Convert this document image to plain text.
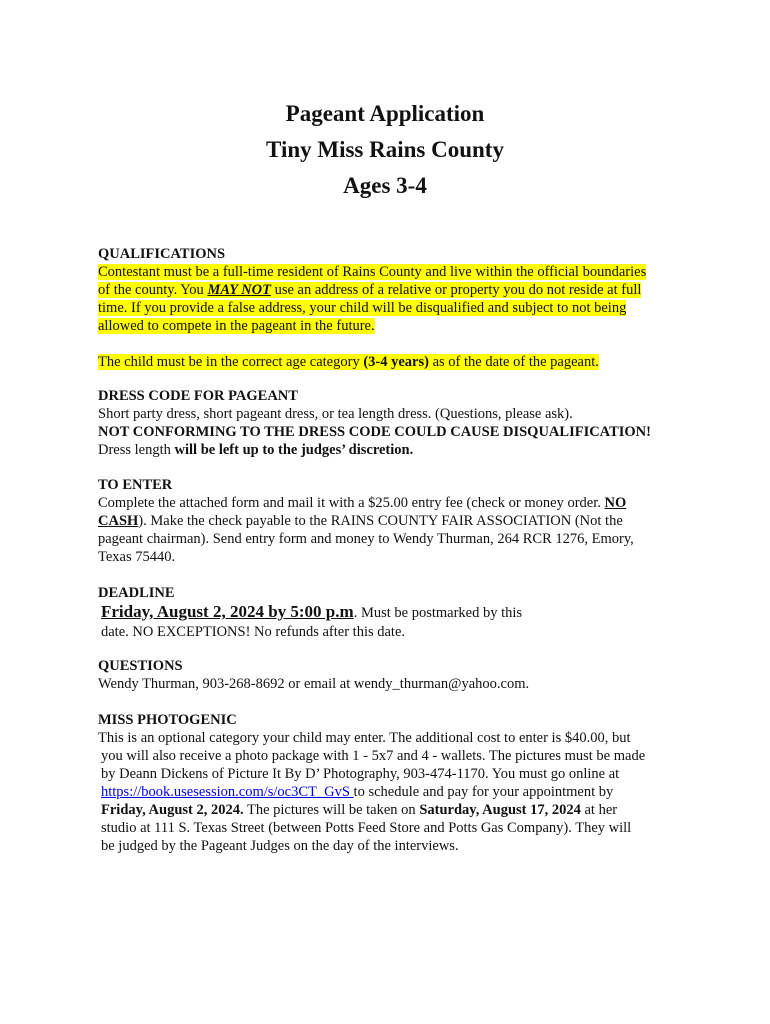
Pageant Application
Tiny Miss Rains County
Ages 3-4
QUALIFICATIONS
Contestant must be a full-time resident of Rains County and live within the official boundaries
of the county. You MAY NOT use an address of a relative or property you do not reside at full
time. If you provide a false address, your child will be disqualified and subject to not being
allowed to compete in the pageant in the future.

The child must be in the correct age category (3-4 years) as of the date of the pageant.
DRESS CODE FOR PAGEANT
Short party dress, short pageant dress, or tea length dress. (Questions, please ask).
NOT CONFORMING TO THE DRESS CODE COULD CAUSE DISQUALIFICATION!
Dress length will be left up to the judges’ discretion.
TO ENTER
Complete the attached form and mail it with a $25.00 entry fee (check or money order. NO
CASH). Make the check payable to the RAINS COUNTY FAIR ASSOCIATION (Not the
pageant chairman). Send entry form and money to Wendy Thurman, 264 RCR 1276, Emory,
Texas 75440.
DEADLINE
Friday, August 2, 2024 by 5:00 p.m. Must be postmarked by this
date. NO EXCEPTIONS! No refunds after this date.
QUESTIONS
Wendy Thurman, 903-268-8692 or email at wendy_thurman@yahoo.com.
MISS PHOTOGENIC
This is an optional category your child may enter. The additional cost to enter is $40.00, but
you will also receive a photo package with 1 - 5x7 and 4 - wallets. The pictures must be made
by Deann Dickens of Picture It By D’ Photography, 903-474-1170. You must go online at
https://book.usesession.com/s/oc3CT_GvS to schedule and pay for your appointment by
Friday, August 2, 2024. The pictures will be taken on Saturday, August 17, 2024 at her
studio at 111 S. Texas Street (between Potts Feed Store and Potts Gas Company). They will
be judged by the Pageant Judges on the day of the interviews.
